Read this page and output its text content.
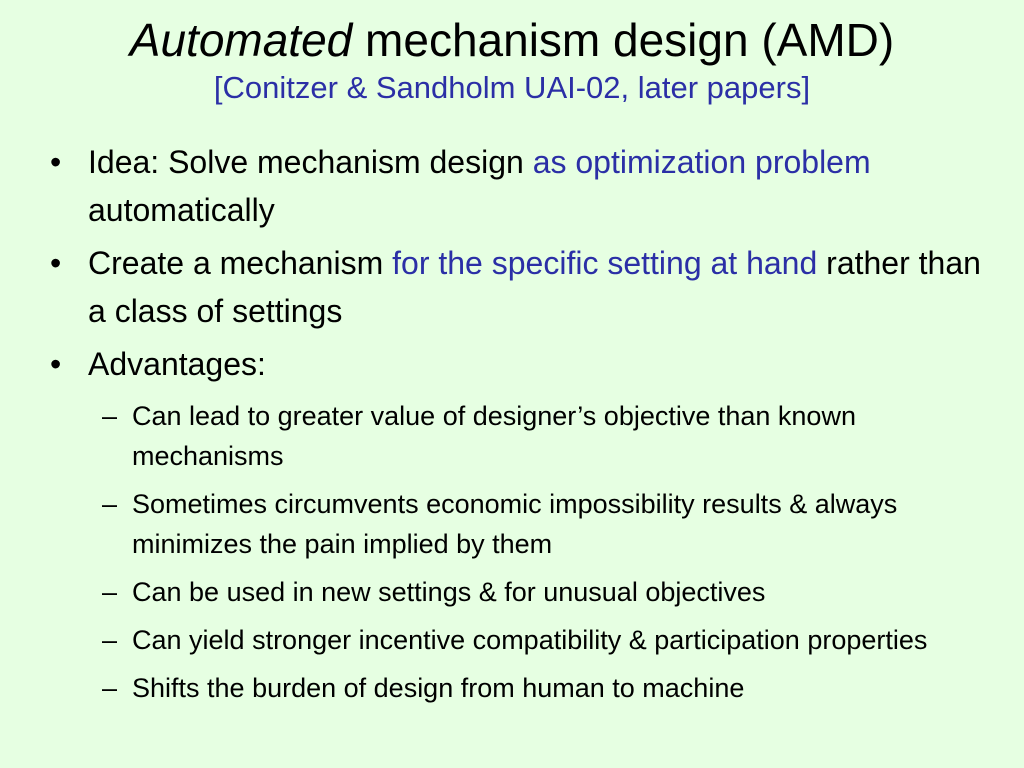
Automated mechanism design (AMD)
[Conitzer & Sandholm UAI-02, later papers]
• Idea: Solve mechanism design as optimization problem automatically
• Create a mechanism for the specific setting at hand rather than a class of settings
• Advantages:
– Can lead to greater value of designer’s objective than known mechanisms
– Sometimes circumvents economic impossibility results & always minimizes the pain implied by them
– Can be used in new settings & for unusual objectives
– Can yield stronger incentive compatibility & participation properties
– Shifts the burden of design from human to machine
